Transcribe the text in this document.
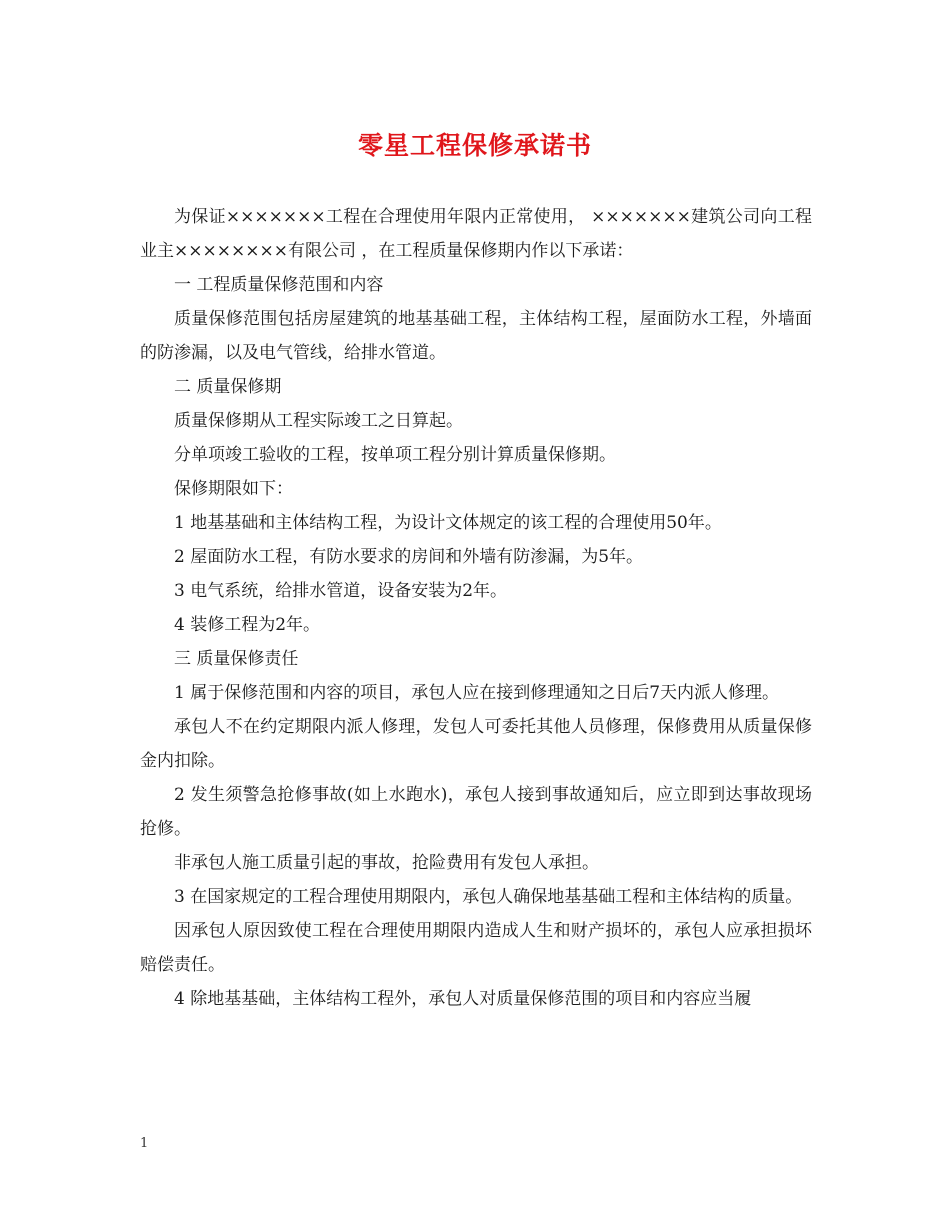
零星工程保修承诺书

为保证×××××××工程在合理使用年限内正常使用， ×××××××建筑公司向工程业主××××××××有限公司 ，在工程质量保修期内作以下承诺：

一 工程质量保修范围和内容

质量保修范围包括房屋建筑的地基基础工程，主体结构工程，屋面防水工程，外墙面的防渗漏，以及电气管线，给排水管道。

二 质量保修期

质量保修期从工程实际竣工之日算起。

分单项竣工验收的工程，按单项工程分别计算质量保修期。

保修期限如下：

1 地基基础和主体结构工程，为设计文体规定的该工程的合理使用50年。

2 屋面防水工程，有防水要求的房间和外墙有防渗漏，为5年。

3 电气系统，给排水管道，设备安装为2年。

4 装修工程为2年。

三 质量保修责任

1 属于保修范围和内容的项目，承包人应在接到修理通知之日后7天内派人修理。

承包人不在约定期限内派人修理，发包人可委托其他人员修理，保修费用从质量保修金内扣除。

2 发生须警急抢修事故(如上水跑水)，承包人接到事故通知后，应立即到达事故现场抢修。

非承包人施工质量引起的事故，抢险费用有发包人承担。

3 在国家规定的工程合理使用期限内，承包人确保地基基础工程和主体结构的质量。

因承包人原因致使工程在合理使用期限内造成人生和财产损坏的，承包人应承担损坏赔偿责任。

4 除地基基础，主体结构工程外，承包人对质量保修范围的项目和内容应当履

1
